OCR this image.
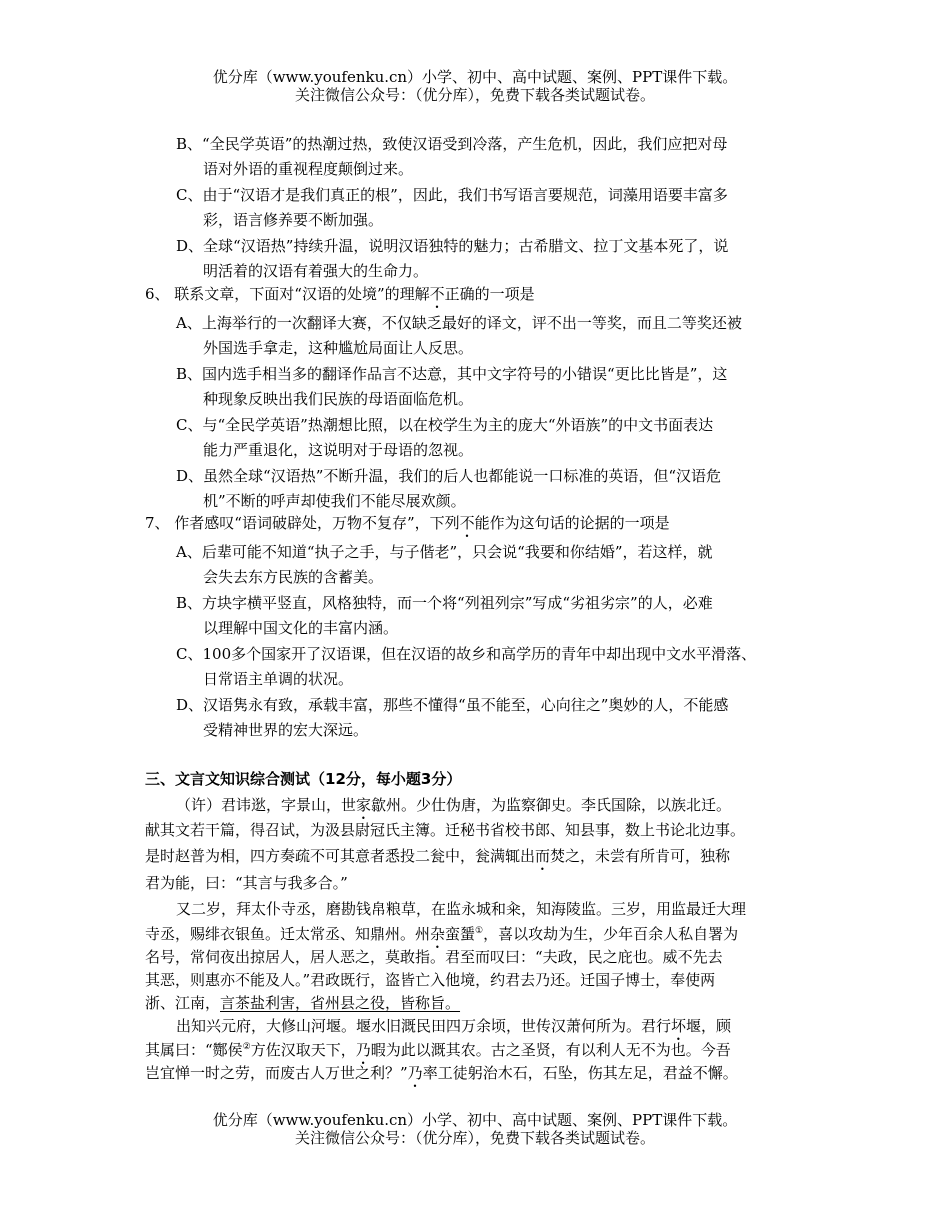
优分库（www.youfenku.cn）小学、初中、高中试题、案例、PPT课件下载。
关注微信公众号：（优分库），免费下载各类试题试卷。
B、“全民学英语”的热潮过热，致使汉语受到冷落，产生危机，因此，我们应把对母
语对外语的重视程度颠倒过来。
C、由于“汉语才是我们真正的根”，因此，我们书写语言要规范，词藻用语要丰富多
彩，语言修养要不断加强。
D、全球“汉语热”持续升温，说明汉语独特的魅力；古希腊文、拉丁文基本死了，说
明活着的汉语有着强大的生命力。
6、 联系文章，下面对“汉语的处境”的理解不正确的一项是
A、上海举行的一次翻译大赛，不仅缺乏最好的译文，评不出一等奖，而且二等奖还被
外国选手拿走，这种尴尬局面让人反思。
B、国内选手相当多的翻译作品言不达意，其中文字符号的小错误“更比比皆是”，这
种现象反映出我们民族的母语面临危机。
C、与“全民学英语”热潮想比照，以在校学生为主的庞大“外语族”的中文书面表达
能力严重退化，这说明对于母语的忽视。
D、虽然全球“汉语热”不断升温，我们的后人也都能说一口标准的英语，但“汉语危
机”不断的呼声却使我们不能尽展欢颜。
7、 作者感叹“语词破辟处，万物不复存”，下列不能作为这句话的论据的一项是
A、后辈可能不知道“执子之手，与子偕老”，只会说“我要和你结婚”，若这样，就
会失去东方民族的含蓄美。
B、方块字横平竖直，风格独特，而一个将“列祖列宗”写成“劣祖劣宗”的人，必难
以理解中国文化的丰富内涵。
C、100多个国家开了汉语课，但在汉语的故乡和高学历的青年中却出现中文水平滑落、
日常语主单调的状况。
D、汉语隽永有致，承载丰富，那些不懂得“虽不能至，心向往之”奥妙的人，不能感
受精神世界的宏大深远。
三、文言文知识综合测试（12分，每小题3分）
（许）君讳逖，字景山，世家歙州。少仕伪唐，为监察御史。李氏国除，以族北迁。
献其文若干篇，得召试，为汲县尉冠氏主簿。迁秘书省校书郎、知县事，数上书论北边事。
是时赵普为相，四方奏疏不可其意者悉投二瓮中，瓮满辄出而焚之，未尝有所肯可，独称
君为能，曰：“其言与我多合。”
又二岁，拜太仆寺丞，磨勘钱帛粮草，在监永城和籴，知海陵监。三岁，用监最迁大理
寺丞，赐绯衣银鱼。迁太常丞、知鼎州。州杂蛮蜑①，喜以攻劫为生，少年百余人私自署为
名号，常伺夜出掠居人，居人恶之，莫敢指。君至而叹曰：“夫政，民之庇也。威不先去
其恶，则惠亦不能及人。”君政既行，盗皆亡入他境，约君去乃还。迁国子博士，奉使两
浙、江南，言茶盐利害，省州县之役，皆称旨。
出知兴元府，大修山河堰。堰水旧溉民田四万余顷，世传汉萧何所为。君行坏堰，顾
其属曰：“酂侯②方佐汉取天下，乃暇为此以溉其农。古之圣贤，有以利人无不为也。今吾
岂宜惮一时之劳，而废古人万世之利？”乃率工徒躬治木石，石坠，伤其左足，君益不懈。
优分库（www.youfenku.cn）小学、初中、高中试题、案例、PPT课件下载。
关注微信公众号：（优分库），免费下载各类试题试卷。
